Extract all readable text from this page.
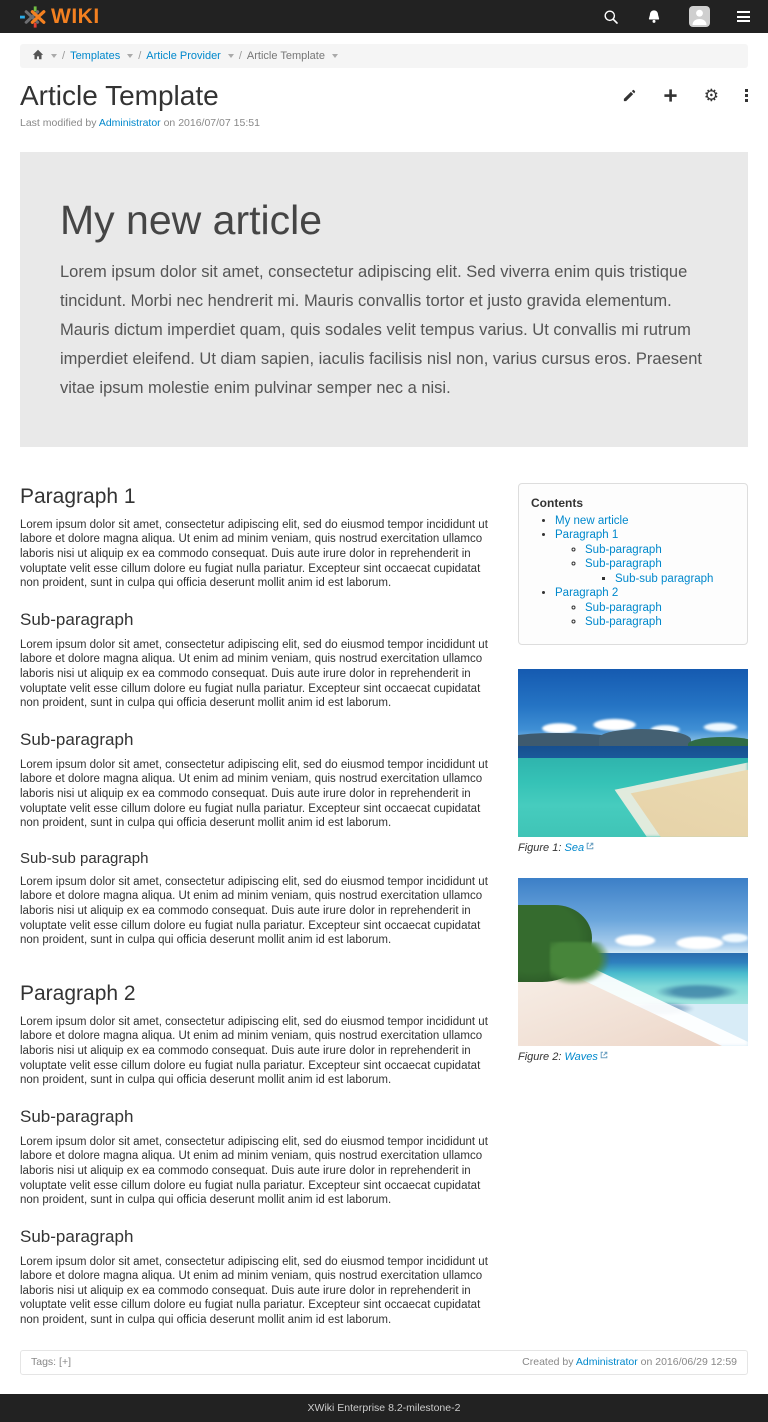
WIKI
/ Templates / Article Provider / Article Template
Article Template	⚙

Last modified by Administrator on 2016/07/07 15:51

My new article

Lorem ipsum dolor sit amet, consectetur adipiscing elit. Sed viverra enim quis tristique tincidunt. Morbi nec hendrerit mi. Mauris convallis tortor et justo gravida elementum. Mauris dictum imperdiet quam, quis sodales velit tempus varius. Ut convallis mi rutrum imperdiet eleifend. Ut diam sapien, iaculis facilisis nisl non, varius cursus eros. Praesent vitae ipsum molestie enim pulvinar semper nec a nisi.

Paragraph 1

Lorem ipsum dolor sit amet, consectetur adipiscing elit, sed do eiusmod tempor incididunt ut labore et dolore magna aliqua. Ut enim ad minim veniam, quis nostrud exercitation ullamco laboris nisi ut aliquip ex ea commodo consequat. Duis aute irure dolor in reprehenderit in voluptate velit esse cillum dolore eu fugiat nulla pariatur. Excepteur sint occaecat cupidatat non proident, sunt in culpa qui officia deserunt mollit anim id est laborum.

Sub-paragraph

Lorem ipsum dolor sit amet, consectetur adipiscing elit, sed do eiusmod tempor incididunt ut labore et dolore magna aliqua. Ut enim ad minim veniam, quis nostrud exercitation ullamco laboris nisi ut aliquip ex ea commodo consequat. Duis aute irure dolor in reprehenderit in voluptate velit esse cillum dolore eu fugiat nulla pariatur. Excepteur sint occaecat cupidatat non proident, sunt in culpa qui officia deserunt mollit anim id est laborum.

Sub-paragraph

Lorem ipsum dolor sit amet, consectetur adipiscing elit, sed do eiusmod tempor incididunt ut labore et dolore magna aliqua. Ut enim ad minim veniam, quis nostrud exercitation ullamco laboris nisi ut aliquip ex ea commodo consequat. Duis aute irure dolor in reprehenderit in voluptate velit esse cillum dolore eu fugiat nulla pariatur. Excepteur sint occaecat cupidatat non proident, sunt in culpa qui officia deserunt mollit anim id est laborum.

Sub-sub paragraph

Lorem ipsum dolor sit amet, consectetur adipiscing elit, sed do eiusmod tempor incididunt ut labore et dolore magna aliqua. Ut enim ad minim veniam, quis nostrud exercitation ullamco laboris nisi ut aliquip ex ea commodo consequat. Duis aute irure dolor in reprehenderit in voluptate velit esse cillum dolore eu fugiat nulla pariatur. Excepteur sint occaecat cupidatat non proident, sunt in culpa qui officia deserunt mollit anim id est laborum.

Paragraph 2

Lorem ipsum dolor sit amet, consectetur adipiscing elit, sed do eiusmod tempor incididunt ut labore et dolore magna aliqua. Ut enim ad minim veniam, quis nostrud exercitation ullamco laboris nisi ut aliquip ex ea commodo consequat. Duis aute irure dolor in reprehenderit in voluptate velit esse cillum dolore eu fugiat nulla pariatur. Excepteur sint occaecat cupidatat non proident, sunt in culpa qui officia deserunt mollit anim id est laborum.

Sub-paragraph

Lorem ipsum dolor sit amet, consectetur adipiscing elit, sed do eiusmod tempor incididunt ut labore et dolore magna aliqua. Ut enim ad minim veniam, quis nostrud exercitation ullamco laboris nisi ut aliquip ex ea commodo consequat. Duis aute irure dolor in reprehenderit in voluptate velit esse cillum dolore eu fugiat nulla pariatur. Excepteur sint occaecat cupidatat non proident, sunt in culpa qui officia deserunt mollit anim id est laborum.

Sub-paragraph

Lorem ipsum dolor sit amet, consectetur adipiscing elit, sed do eiusmod tempor incididunt ut labore et dolore magna aliqua. Ut enim ad minim veniam, quis nostrud exercitation ullamco laboris nisi ut aliquip ex ea commodo consequat. Duis aute irure dolor in reprehenderit in voluptate velit esse cillum dolore eu fugiat nulla pariatur. Excepteur sint occaecat cupidatat non proident, sunt in culpa qui officia deserunt mollit anim id est laborum.

Contents
• My new article
• Paragraph 1
◦ Sub-paragraph
◦ Sub-paragraph
▪ Sub-sub paragraph
• Paragraph 2
◦ Sub-paragraph
◦ Sub-paragraph
Figure 1: Sea
Figure 2: Waves
Tags: [+]	Created by Administrator on 2016/06/29 12:59
XWiki Enterprise 8.2-milestone-2
